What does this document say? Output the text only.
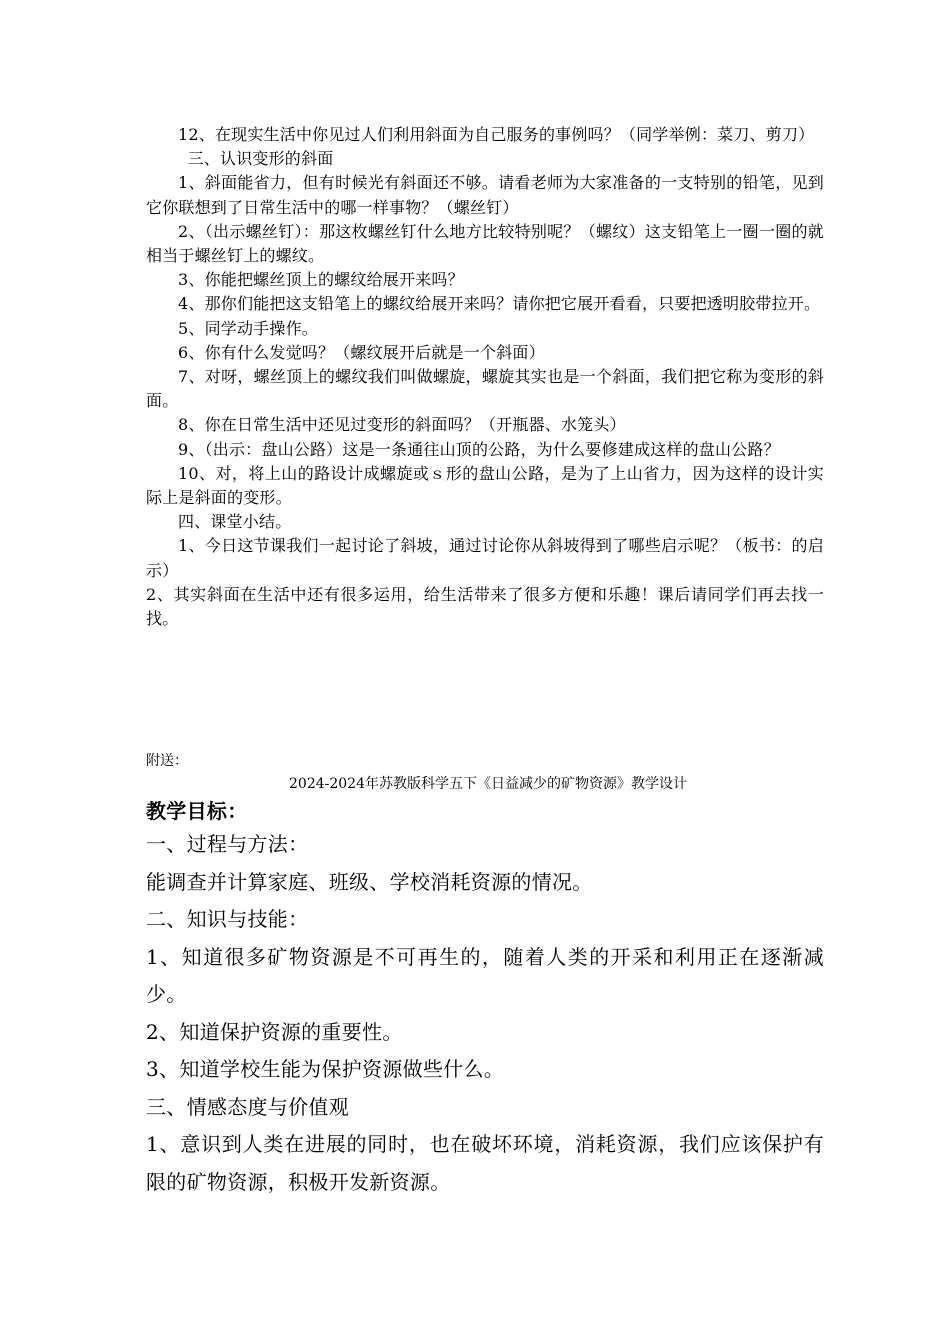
12、在现实生活中你见过人们利用斜面为自己服务的事例吗？（同学举例：菜刀、剪刀）

三、认识变形的斜面

1、斜面能省力，但有时候光有斜面还不够。请看老师为大家准备的一支特别的铅笔，见到它你联想到了日常生活中的哪一样事物？（螺丝钉）

2、（出示螺丝钉）：那这枚螺丝钉什么地方比较特别呢？（螺纹）这支铅笔上一圈一圈的就相当于螺丝钉上的螺纹。

3、你能把螺丝顶上的螺纹给展开来吗？

4、那你们能把这支铅笔上的螺纹给展开来吗？请你把它展开看看，只要把透明胶带拉开。

5、同学动手操作。

6、你有什么发觉吗？（螺纹展开后就是一个斜面）

7、对呀，螺丝顶上的螺纹我们叫做螺旋，螺旋其实也是一个斜面，我们把它称为变形的斜面。

8、你在日常生活中还见过变形的斜面吗？（开瓶器、水笼头）

9、（出示：盘山公路）这是一条通往山顶的公路，为什么要修建成这样的盘山公路？

10、对，将上山的路设计成螺旋或ｓ形的盘山公路，是为了上山省力，因为这样的设计实际上是斜面的变形。

四、课堂小结。

1、今日这节课我们一起讨论了斜坡，通过讨论你从斜坡得到了哪些启示呢？（板书：的启示）

2、其实斜面在生活中还有很多运用，给生活带来了很多方便和乐趣！课后请同学们再去找一找。

附送：
2024-2024年苏教版科学五下《日益减少的矿物资源》教学设计

教学目标：

一、过程与方法：

能调查并计算家庭、班级、学校消耗资源的情况。

二、知识与技能：

1、知道很多矿物资源是不可再生的，随着人类的开采和利用正在逐渐减少。

2、知道保护资源的重要性。

3、知道学校生能为保护资源做些什么。

三、情感态度与价值观

1、意识到人类在进展的同时，也在破坏环境，消耗资源，我们应该保护有限的矿物资源，积极开发新资源。
